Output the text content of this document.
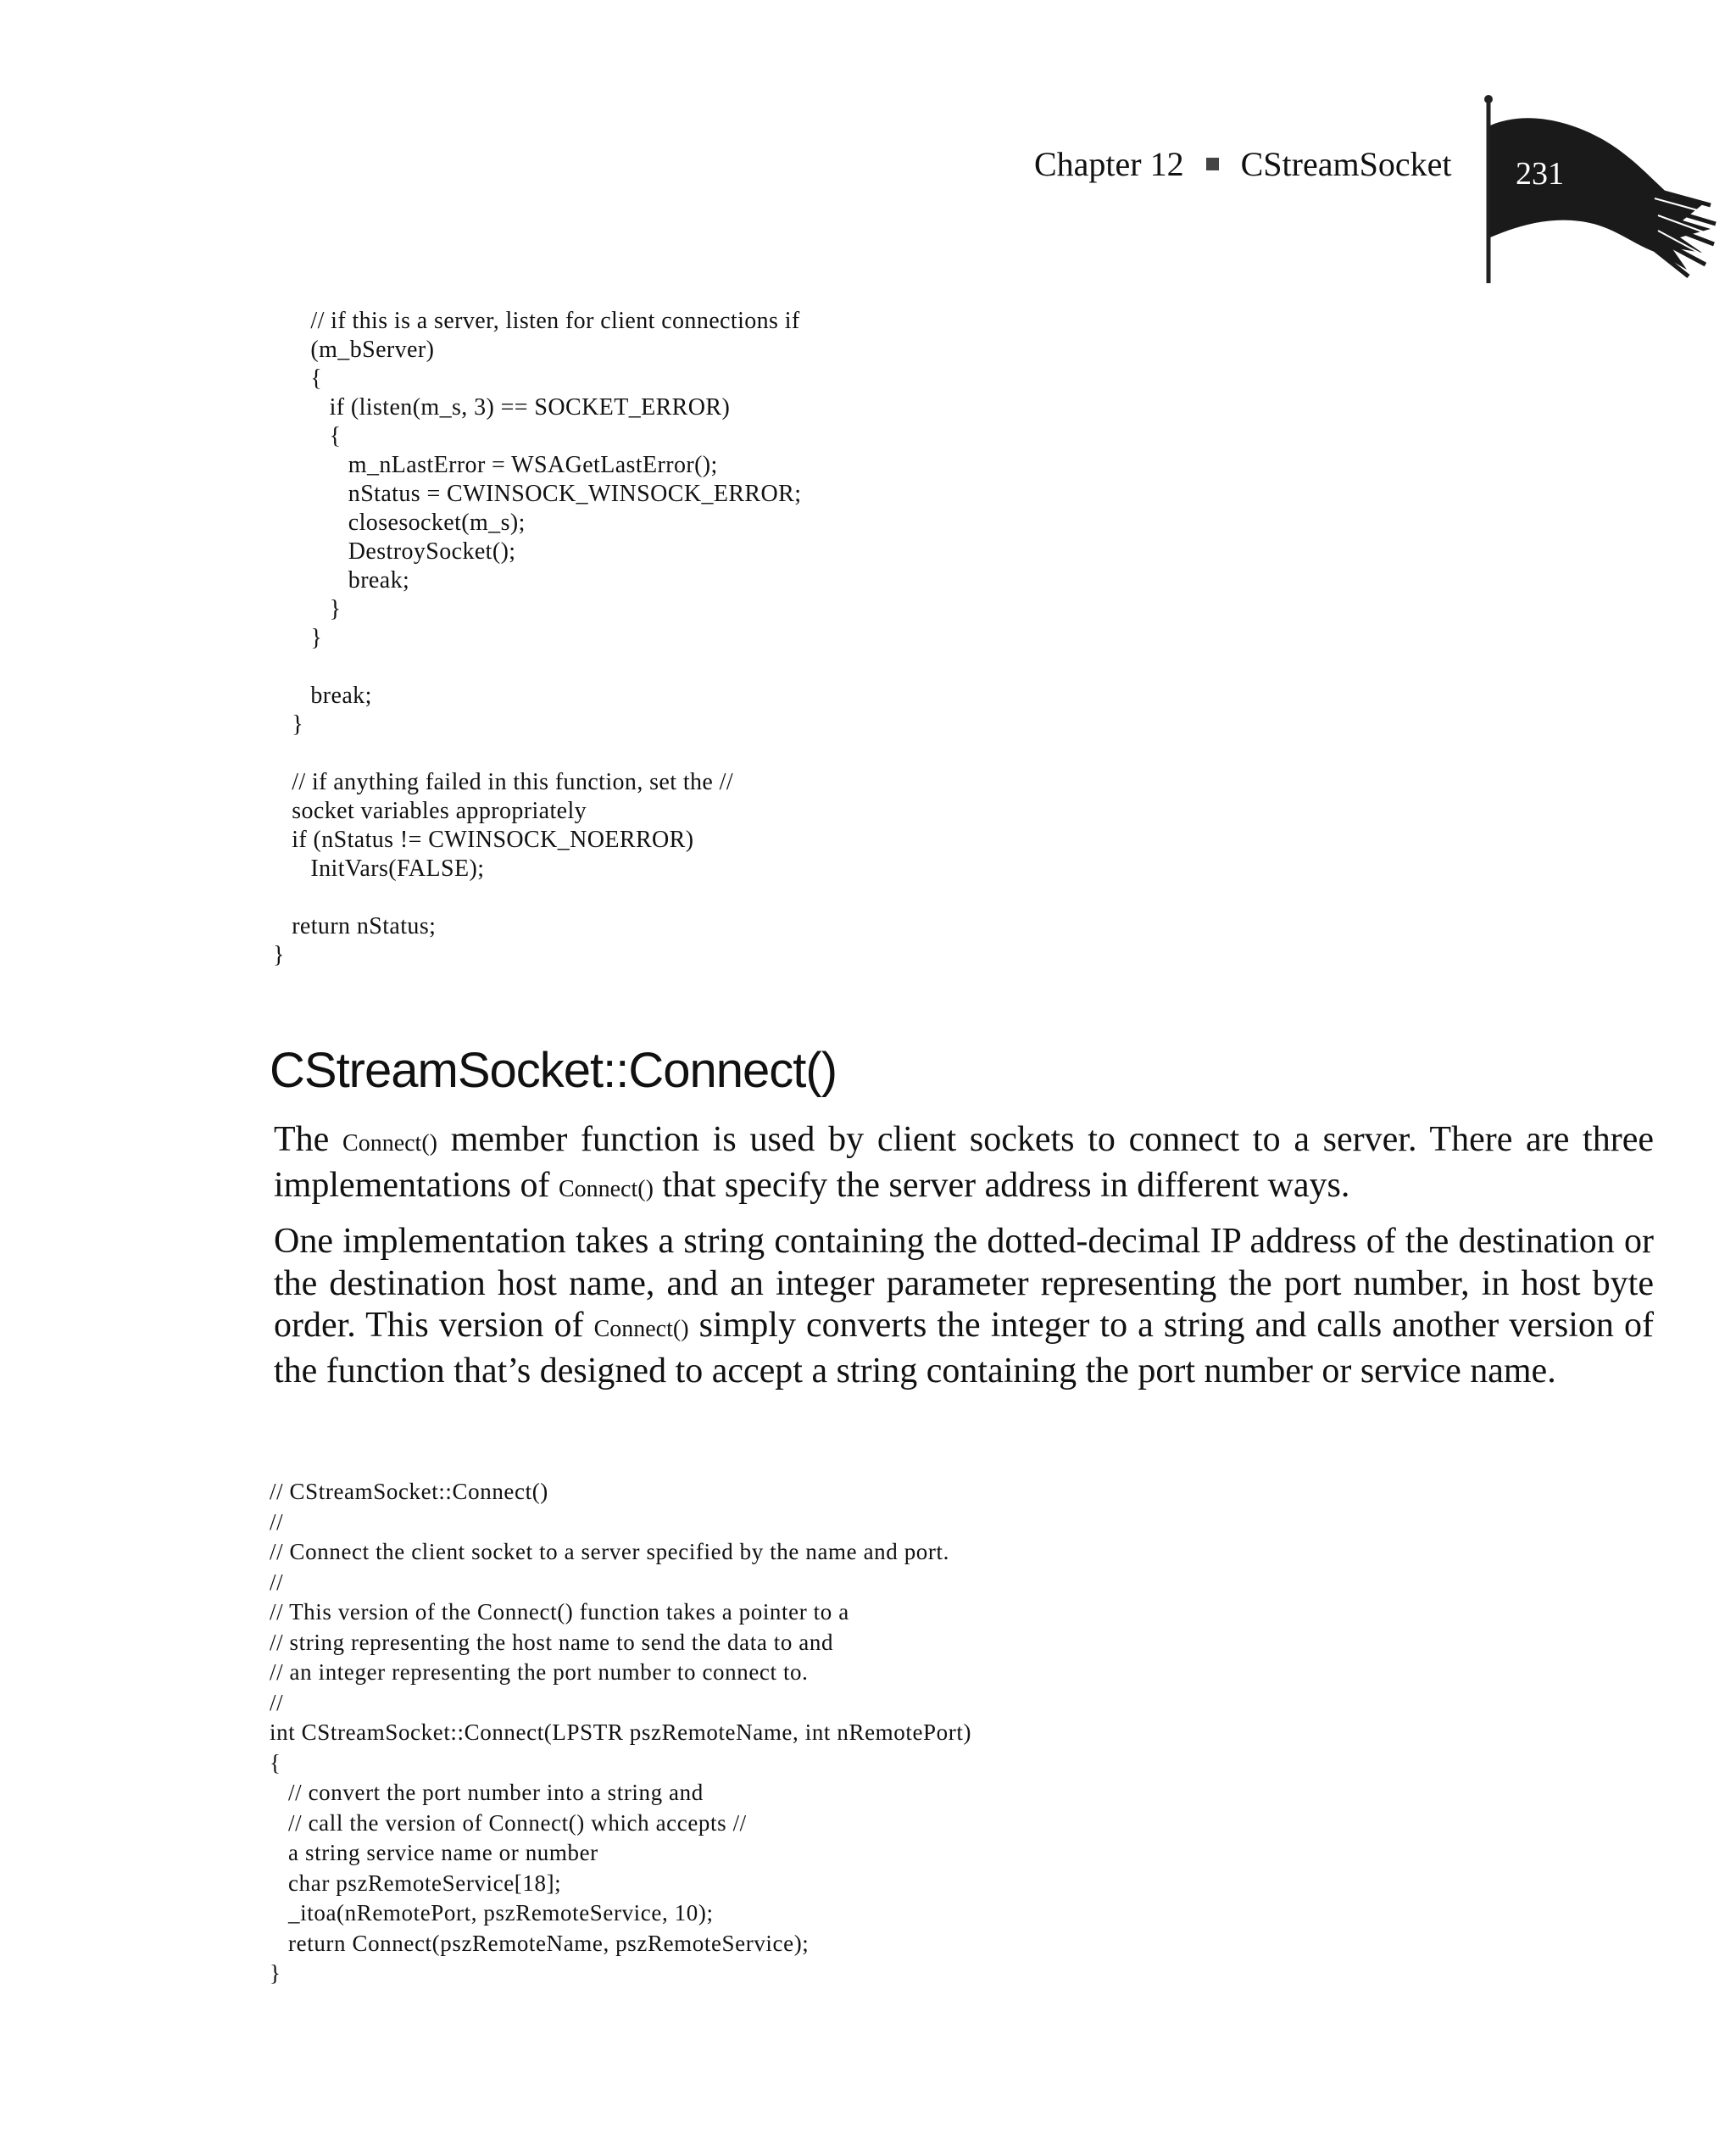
Chapter 12 CStreamSocket 231
// if this is a server, listen for client connections if
(m_bServer)
{
if (listen(m_s, 3) == SOCKET_ERROR)
{
m_nLastError = WSAGetLastError();
nStatus = CWINSOCK_WINSOCK_ERROR;
closesocket(m_s);
DestroySocket();
break;
}
}

break;
}

// if anything failed in this function, set the //
socket variables appropriately
if (nStatus != CWINSOCK_NOERROR)
InitVars(FALSE);

return nStatus;
}
CStreamSocket::Connect()

The Connect() member function is used by client sockets to connect to a server. There are three implementations of Connect() that specify the server address in different ways.

One implementation takes a string containing the dotted-decimal IP address of the destination or the destination host name, and an integer parameter representing the port number, in host byte order. This version of Connect() simply converts the integer to a string and calls another version of the function that’s designed to accept a string containing the port number or service name.

// CStreamSocket::Connect()
//
// Connect the client socket to a server specified by the name and port.
//
// This version of the Connect() function takes a pointer to a
// string representing the host name to send the data to and
// an integer representing the port number to connect to.
//
int CStreamSocket::Connect(LPSTR pszRemoteName, int nRemotePort)
{
// convert the port number into a string and
// call the version of Connect() which accepts //
a string service name or number
char pszRemoteService[18];
_itoa(nRemotePort, pszRemoteService, 10);
return Connect(pszRemoteName, pszRemoteService);
}
